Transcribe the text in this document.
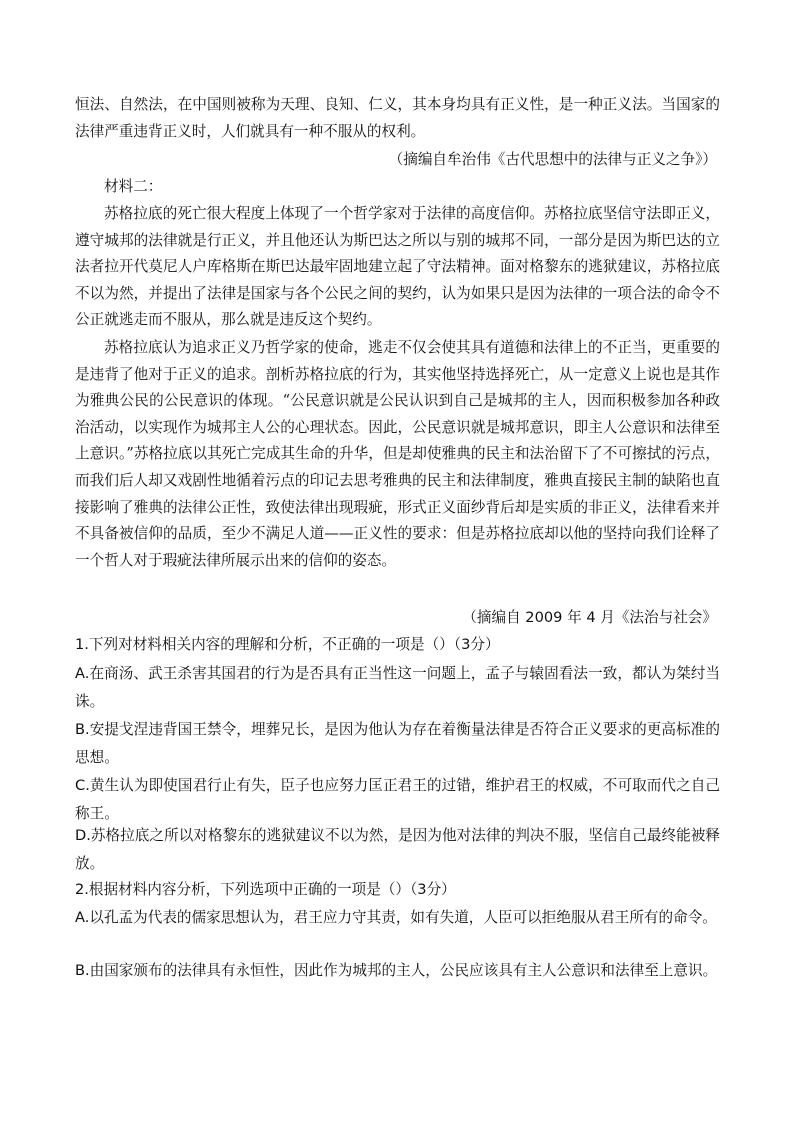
恒法、自然法，在中国则被称为天理、良知、仁义，其本身均具有正义性，是一种正义法。当国家的法律严重违背正义时，人们就具有一种不服从的权利。

（摘编自牟治伟《古代思想中的法律与正义之争》）

材料二：

苏格拉底的死亡很大程度上体现了一个哲学家对于法律的高度信仰。苏格拉底坚信守法即正义，遵守城邦的法律就是行正义，并且他还认为斯巴达之所以与别的城邦不同，一部分是因为斯巴达的立法者拉开代莫尼人户库格斯在斯巴达最牢固地建立起了守法精神。面对格黎东的逃狱建议，苏格拉底不以为然，并提出了法律是国家与各个公民之间的契约，认为如果只是因为法律的一项合法的命令不公正就逃走而不服从，那么就是违反这个契约。

苏格拉底认为追求正义乃哲学家的使命，逃走不仅会使其具有道德和法律上的不正当，更重要的是违背了他对于正义的追求。剖析苏格拉底的行为，其实他坚持选择死亡，从一定意义上说也是其作为雅典公民的公民意识的体现。“公民意识就是公民认识到自己是城邦的主人，因而积极参加各种政治活动，以实现作为城邦主人公的心理状态。因此，公民意识就是城邦意识，即主人公意识和法律至上意识。”苏格拉底以其死亡完成其生命的升华，但是却使雅典的民主和法治留下了不可擦拭的污点，而我们后人却又戏剧性地循着污点的印记去思考雅典的民主和法律制度，雅典直接民主制的缺陷也直接影响了雅典的法律公正性，致使法律出现瑕疵，形式正义面纱背后却是实质的非正义，法律看来并不具备被信仰的品质，至少不满足人道——正义性的要求：但是苏格拉底却以他的坚持向我们诠释了一个哲人对于瑕疵法律所展示出来的信仰的姿态。

（摘编自 2009 年 4 月《法治与社会》

1.下列对材料相关内容的理解和分析，不正确的一项是（）（3分）

A.在商汤、武王杀害其国君的行为是否具有正当性这一问题上，孟子与辕固看法一致，都认为桀纣当诛。

B.安提戈涅违背国王禁令，埋葬兄长，是因为他认为存在着衡量法律是否符合正义要求的更高标准的思想。

C.黄生认为即使国君行止有失，臣子也应努力匡正君王的过错，维护君王的权威，不可取而代之自己称王。

D.苏格拉底之所以对格黎东的逃狱建议不以为然，是因为他对法律的判决不服，坚信自己最终能被释放。

2.根据材料内容分析，下列选项中正确的一项是（）（3分）

A.以孔孟为代表的儒家思想认为，君王应力守其责，如有失道，人臣可以拒绝服从君王所有的命令。

B.由国家颁布的法律具有永恒性，因此作为城邦的主人，公民应该具有主人公意识和法律至上意识。
